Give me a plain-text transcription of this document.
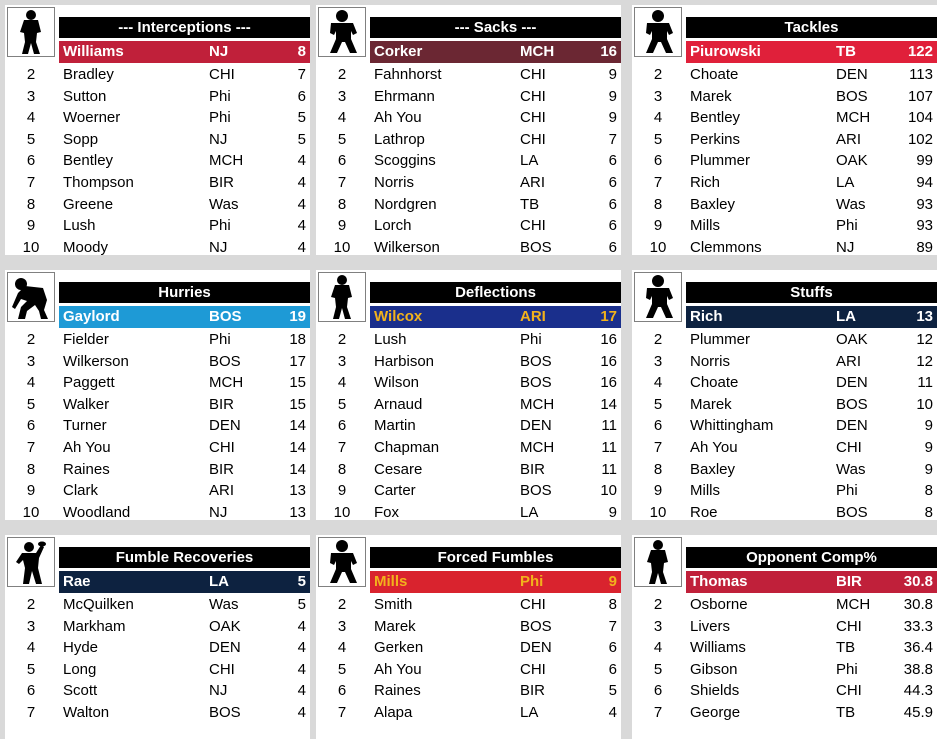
--- Interceptions ---
Williams	NJ	8
2	Bradley	CHI	7
3	Sutton	Phi	6
4	Woerner	Phi	5
5	Sopp	NJ	5
6	Bentley	MCH	4
7	Thompson	BIR	4
8	Greene	Was	4
9	Lush	Phi	4
10	Moody	NJ	4
--- Sacks ---
Corker	MCH	16
2	Fahnhorst	CHI	9
3	Ehrmann	CHI	9
4	Ah You	CHI	9
5	Lathrop	CHI	7
6	Scoggins	LA	6
7	Norris	ARI	6
8	Nordgren	TB	6
9	Lorch	CHI	6
10	Wilkerson	BOS	6
Tackles
Piurowski	TB	122
2	Choate	DEN	113
3	Marek	BOS	107
4	Bentley	MCH	104
5	Perkins	ARI	102
6	Plummer	OAK	99
7	Rich	LA	94
8	Baxley	Was	93
9	Mills	Phi	93
10	Clemmons	NJ	89
Hurries
Gaylord	BOS	19
2	Fielder	Phi	18
3	Wilkerson	BOS	17
4	Paggett	MCH	15
5	Walker	BIR	15
6	Turner	DEN	14
7	Ah You	CHI	14
8	Raines	BIR	14
9	Clark	ARI	13
10	Woodland	NJ	13
Deflections
Wilcox	ARI	17
2	Lush	Phi	16
3	Harbison	BOS	16
4	Wilson	BOS	16
5	Arnaud	MCH	14
6	Martin	DEN	11
7	Chapman	MCH	11
8	Cesare	BIR	11
9	Carter	BOS	10
10	Fox	LA	9
Stuffs
Rich	LA	13
2	Plummer	OAK	12
3	Norris	ARI	12
4	Choate	DEN	11
5	Marek	BOS	10
6	Whittingham	DEN	9
7	Ah You	CHI	9
8	Baxley	Was	9
9	Mills	Phi	8
10	Roe	BOS	8
Fumble Recoveries
Rae	LA	5
2	McQuilken	Was	5
3	Markham	OAK	4
4	Hyde	DEN	4
5	Long	CHI	4
6	Scott	NJ	4
7	Walton	BOS	4
Forced Fumbles
Mills	Phi	9
2	Smith	CHI	8
3	Marek	BOS	7
4	Gerken	DEN	6
5	Ah You	CHI	6
6	Raines	BIR	5
7	Alapa	LA	4
Opponent Comp%
Thomas	BIR	30.8
2	Osborne	MCH 30.8
3	Livers	CHI	33.3
4	Williams	TB	36.4
5	Gibson	Phi	38.8
6	Shields	CHI	44.3
7	George	TB	45.9
